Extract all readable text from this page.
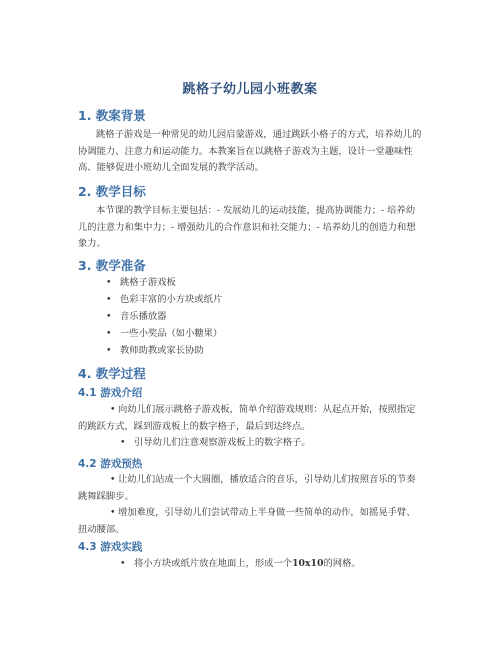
跳格子幼儿园小班教案
1. 教案背景
跳格子游戏是一种常见的幼儿园启蒙游戏，通过跳跃小格子的方式，培养幼儿的协调能力、注意力和运动能力。本教案旨在以跳格子游戏为主题，设计一堂趣味性高、能够促进小班幼儿全面发展的教学活动。
2. 教学目标
本节课的教学目标主要包括：- 发展幼儿的运动技能，提高协调能力；- 培养幼儿的注意力和集中力；- 增强幼儿的合作意识和社交能力；- 培养幼儿的创造力和想象力。
3. 教学准备
• 跳格子游戏板
• 色彩丰富的小方块或纸片
• 音乐播放器
• 一些小奖品（如小糖果）
• 教师助教或家长协助
4. 教学过程
4.1 游戏介绍
• 向幼儿们展示跳格子游戏板，简单介绍游戏规则：从起点开始，按照指定的跳跃方式，踩到游戏板上的数字格子，最后到达终点。
• 引导幼儿们注意观察游戏板上的数字格子。
4.2 游戏预热
• 让幼儿们站成一个大圆圈，播放适合的音乐，引导幼儿们按照音乐的节奏跳舞踩脚步。
• 增加难度，引导幼儿们尝试带动上半身做一些简单的动作，如摇晃手臂、扭动腰部。
4.3 游戏实践
• 将小方块或纸片放在地面上，形成一个10x10的网格。
